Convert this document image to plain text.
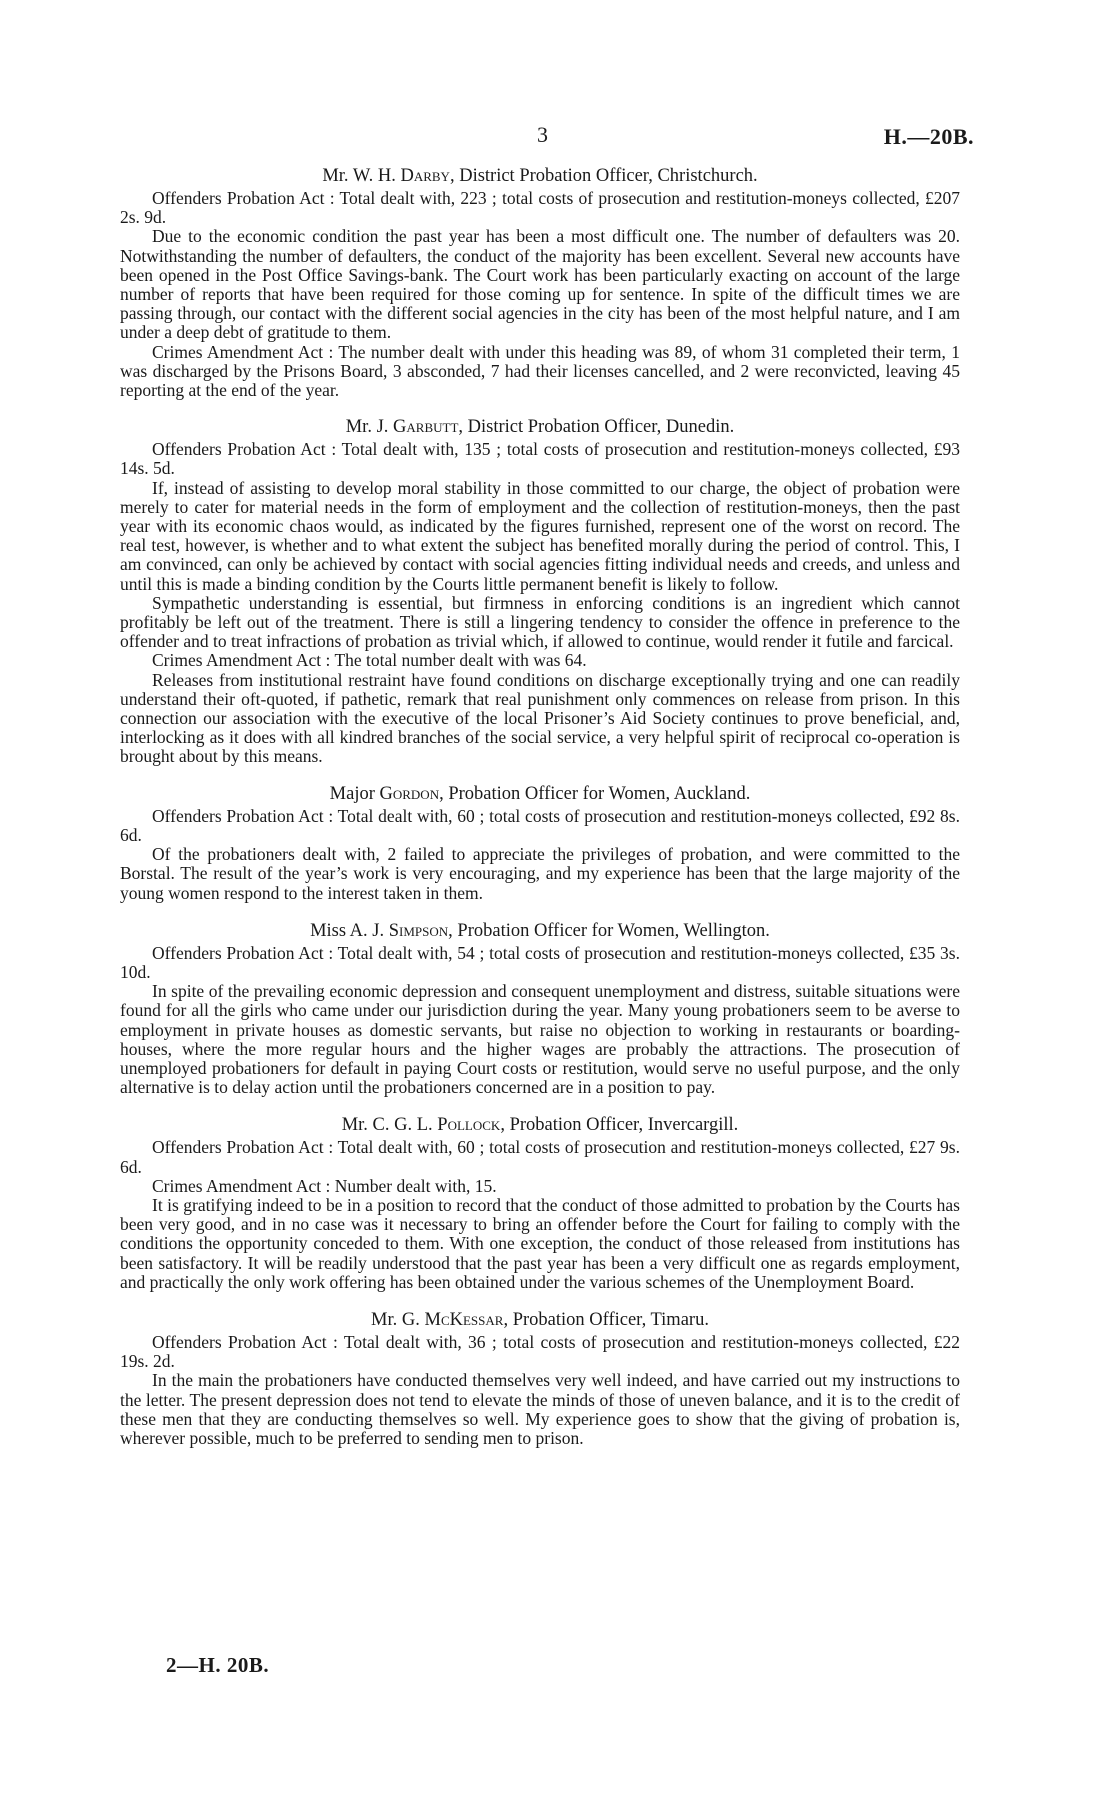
3	H.—20B.

Mr. W. H. Darby, District Probation Officer, Christchurch.

Offenders Probation Act : Total dealt with, 223 ; total costs of prosecution and restitution-moneys collected, £207 2s. 9d.

Due to the economic condition the past year has been a most difficult one. The number of defaulters was 20. Notwithstanding the number of defaulters, the conduct of the majority has been excellent. Several new accounts have been opened in the Post Office Savings-bank. The Court work has been particularly exacting on account of the large number of reports that have been required for those coming up for sentence. In spite of the difficult times we are passing through, our contact with the different social agencies in the city has been of the most helpful nature, and I am under a deep debt of gratitude to them.

Crimes Amendment Act : The number dealt with under this heading was 89, of whom 31 completed their term, 1 was discharged by the Prisons Board, 3 absconded, 7 had their licenses cancelled, and 2 were reconvicted, leaving 45 reporting at the end of the year.

Mr. J. Garbutt, District Probation Officer, Dunedin.

Offenders Probation Act : Total dealt with, 135 ; total costs of prosecution and restitution-moneys collected, £93 14s. 5d.

If, instead of assisting to develop moral stability in those committed to our charge, the object of probation were merely to cater for material needs in the form of employment and the collection of restitution-moneys, then the past year with its economic chaos would, as indicated by the figures furnished, represent one of the worst on record. The real test, however, is whether and to what extent the subject has benefited morally during the period of control. This, I am convinced, can only be achieved by contact with social agencies fitting individual needs and creeds, and unless and until this is made a binding condition by the Courts little permanent benefit is likely to follow.

Sympathetic understanding is essential, but firmness in enforcing conditions is an ingredient which cannot profitably be left out of the treatment. There is still a lingering tendency to consider the offence in preference to the offender and to treat infractions of probation as trivial which, if allowed to continue, would render it futile and farcical.

Crimes Amendment Act : The total number dealt with was 64.

Releases from institutional restraint have found conditions on discharge exceptionally trying and one can readily understand their oft-quoted, if pathetic, remark that real punishment only commences on release from prison. In this connection our association with the executive of the local Prisoner’s Aid Society continues to prove beneficial, and, interlocking as it does with all kindred branches of the social service, a very helpful spirit of reciprocal co-operation is brought about by this means.

Major Gordon, Probation Officer for Women, Auckland.

Offenders Probation Act : Total dealt with, 60 ; total costs of prosecution and restitution-moneys collected, £92 8s. 6d.

Of the probationers dealt with, 2 failed to appreciate the privileges of probation, and were committed to the Borstal. The result of the year’s work is very encouraging, and my experience has been that the large majority of the young women respond to the interest taken in them.

Miss A. J. Simpson, Probation Officer for Women, Wellington.

Offenders Probation Act : Total dealt with, 54 ; total costs of prosecution and restitution-moneys collected, £35 3s. 10d.

In spite of the prevailing economic depression and consequent unemployment and distress, suitable situations were found for all the girls who came under our jurisdiction during the year. Many young probationers seem to be averse to employment in private houses as domestic servants, but raise no objection to working in restaurants or boarding-houses, where the more regular hours and the higher wages are probably the attractions. The prosecution of unemployed probationers for default in paying Court costs or restitution, would serve no useful purpose, and the only alternative is to delay action until the probationers concerned are in a position to pay.

Mr. C. G. L. Pollock, Probation Officer, Invercargill.

Offenders Probation Act : Total dealt with, 60 ; total costs of prosecution and restitution-moneys collected, £27 9s. 6d.

Crimes Amendment Act : Number dealt with, 15.

It is gratifying indeed to be in a position to record that the conduct of those admitted to probation by the Courts has been very good, and in no case was it necessary to bring an offender before the Court for failing to comply with the conditions the opportunity conceded to them. With one exception, the conduct of those released from institutions has been satisfactory. It will be readily understood that the past year has been a very difficult one as regards employment, and practically the only work offering has been obtained under the various schemes of the Unemployment Board.

Mr. G. McKessar, Probation Officer, Timaru.

Offenders Probation Act : Total dealt with, 36 ; total costs of prosecution and restitution-moneys collected, £22 19s. 2d.

In the main the probationers have conducted themselves very well indeed, and have carried out my instructions to the letter. The present depression does not tend to elevate the minds of those of uneven balance, and it is to the credit of these men that they are conducting themselves so well. My experience goes to show that the giving of probation is, wherever possible, much to be preferred to sending men to prison.

2—H. 20B.
